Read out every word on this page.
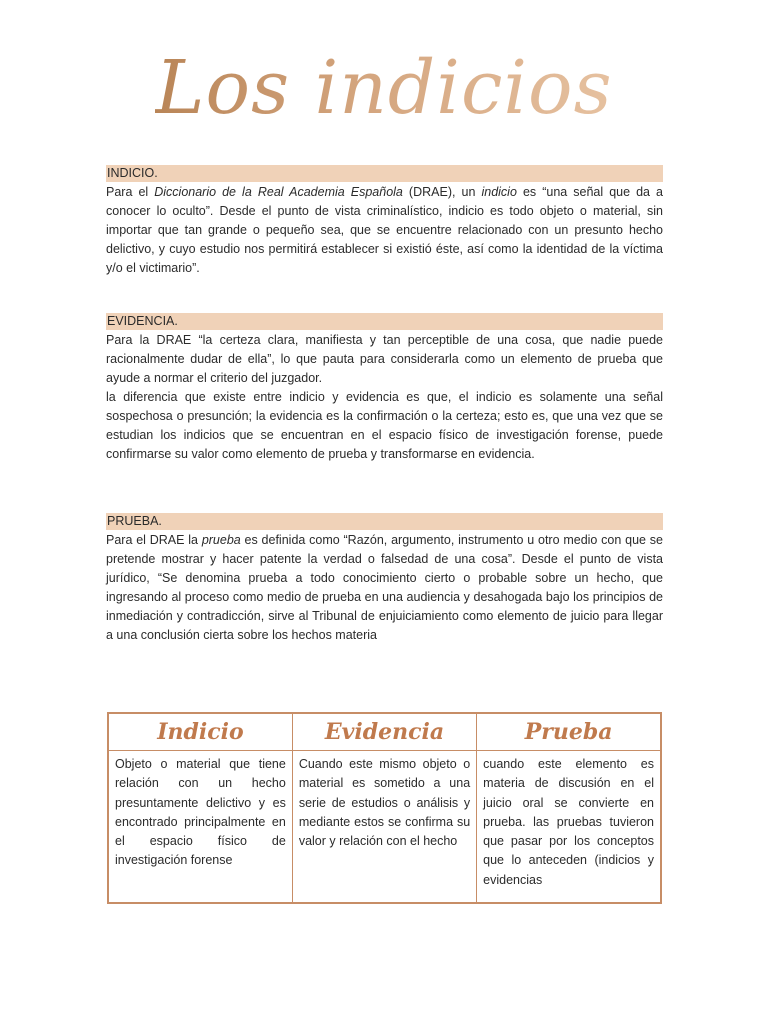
Los indicios
INDICIO.
Para el Diccionario de la Real Academia Española (DRAE), un indicio es “una señal que da a conocer lo oculto”. Desde el punto de vista criminalístico, indicio es todo objeto o material, sin importar que tan grande o pequeño sea, que se encuentre relacionado con un presunto hecho delictivo, y cuyo estudio nos permitirá establecer si existió éste, así como la identidad de la víctima y/o el victimario”.
EVIDENCIA.

Para la DRAE “la certeza clara, manifiesta y tan perceptible de una cosa, que nadie puede racionalmente dudar de ella”, lo que pauta para considerarla como un elemento de prueba que ayude a normar el criterio del juzgador.

la diferencia que existe entre indicio y evidencia es que, el indicio es solamente una señal sospechosa o presunción; la evidencia es la confirmación o la certeza; esto es, que una vez que se estudian los indicios que se encuentran en el espacio físico de investigación forense, puede confirmarse su valor como elemento de prueba y transformarse en evidencia.

PRUEBA.
Para el DRAE la prueba es definida como “Razón, argumento, instrumento u otro medio con que se pretende mostrar y hacer patente la verdad o falsedad de una cosa”. Desde el punto de vista jurídico, “Se denomina prueba a todo conocimiento cierto o probable sobre un hecho, que ingresando al proceso como medio de prueba en una audiencia y desahogada bajo los principios de inmediación y contradicción, sirve al Tribunal de enjuiciamiento como elemento de juicio para llegar a una conclusión cierta sobre los hechos materia
Indicio	Evidencia	Prueba
Objeto o material que tiene relación con un hecho presuntamente delictivo y es encontrado principalmente en el espacio físico de investigación forense	Cuando este mismo objeto o material es sometido a una serie de estudios o análisis y mediante estos se confirma su valor y relación con el hecho	cuando este elemento es materia de discusión en el juicio oral se convierte en prueba. las pruebas tuvieron que pasar por los conceptos que lo anteceden (indicios y evidencias
